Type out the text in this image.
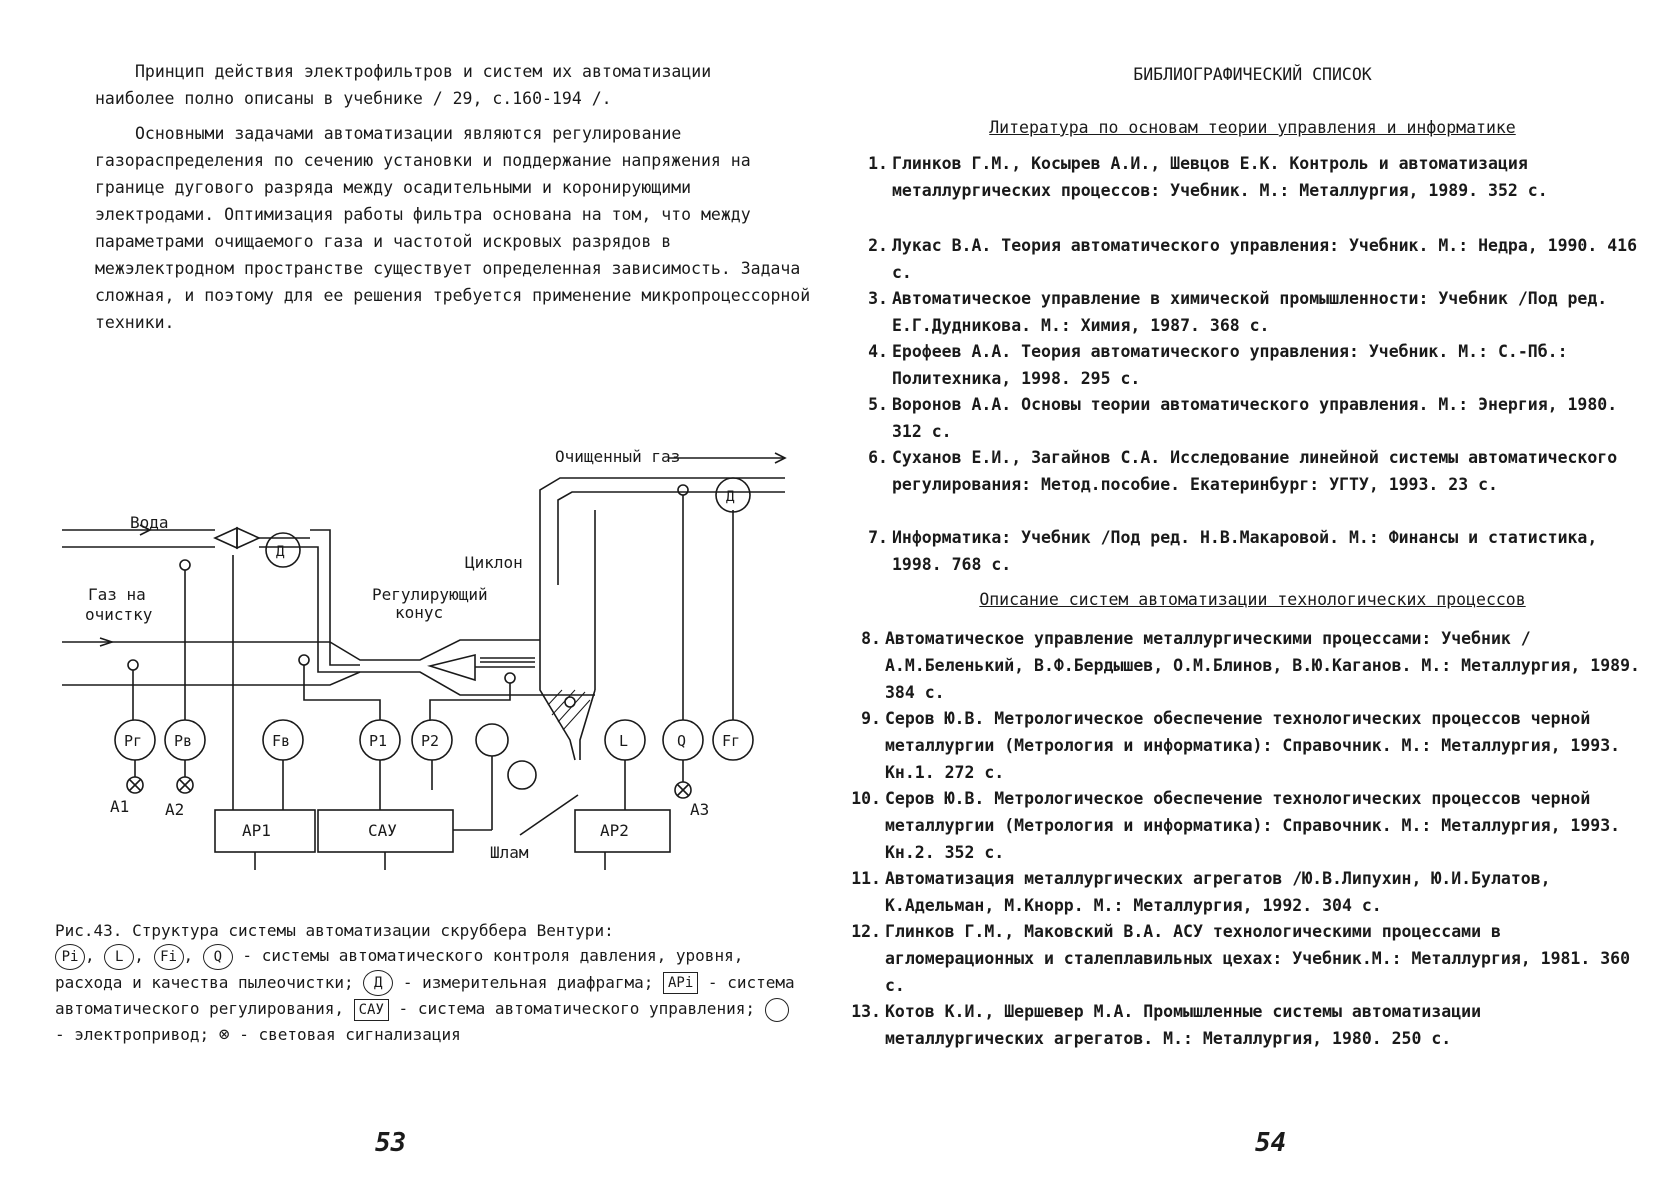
Принцип действия электрофильтров и систем их автоматизации наиболее полно описаны в учебнике / 29, с.160-194 /.
Основными задачами автоматизации являются регулирование газораспределения по сечению установки и поддержание напряжения на границе дугового разряда между осадительными и коронирующими электродами. Оптимизация работы фильтра основана на том, что между параметрами очищаемого газа и частотой искровых разрядов в межэлектродном пространстве существует определенная зависимость. Задача сложная, и поэтому для ее решения требуется применение микропроцессорной техники.
Очищенный газ
Вода
Газ на
очистку
Циклон
Регулирующий
конус
Шлам
Д
Д
Pг Pв	Fв	P1 P2	L	Q Fг
A1 A2	A3
AP1	САУ	AP2
Рис.43. Структура системы автоматизации скруббера Вентури:
Pi , L , Fi , Q - системы автоматического контроля давления, уровня, расхода и качества пылеочистки; Д - измерительная диафрагма; APi - система автоматического регулирования, САУ - система автоматического управления;  - электропривод; ⊗ - световая сигнализация
53
БИБЛИОГРАФИЧЕСКИЙ СПИСОК
Литература по основам теории управления и информатике
1. Глинков Г.М., Косырев А.И., Шевцов Е.К. Контроль и автоматизация металлургических процессов: Учебник. М.: Металлургия, 1989. 352 с.
2. Лукас В.А. Теория автоматического управления: Учебник. М.: Недра, 1990. 416 с.
3. Автоматическое управление в химической промышленности: Учебник /Под ред. Е.Г.Дудникова. М.: Химия, 1987. 368 с.
4. Ерофеев А.А. Теория автоматического управления: Учебник. М.: С.-Пб.: Политехника, 1998. 295 с.
5. Воронов А.А. Основы теории автоматического управления. М.: Энергия, 1980. 312 с.
6. Суханов Е.И., Загайнов С.А. Исследование линейной системы автоматического регулирования: Метод.пособие. Екатеринбург: УГТУ, 1993. 23 с.
7. Информатика: Учебник /Под ред. Н.В.Макаровой. М.: Финансы и статистика, 1998. 768 с.
Описание систем автоматизации технологических процессов
8. Автоматическое управление металлургическими процессами: Учебник /А.М.Беленький, В.Ф.Бердышев, О.М.Блинов, В.Ю.Каганов. М.: Металлургия, 1989. 384 с.
9. Серов Ю.В. Метрологическое обеспечение технологических процессов черной металлургии (Метрология и информатика): Справочник. М.: Металлургия, 1993. Кн.1. 272 с.
10. Серов Ю.В. Метрологическое обеспечение технологических процессов черной металлургии (Метрология и информатика): Справочник. М.: Металлургия, 1993. Кн.2. 352 с.
11. Автоматизация металлургических агрегатов /Ю.В.Липухин, Ю.И.Булатов, К.Адельман, М.Кнорр. М.: Металлургия, 1992. 304 с.
12. Глинков Г.М., Маковский В.А. АСУ технологическими процессами в агломерационных и сталеплавильных цехах: Учебник.М.: Металлургия, 1981. 360 с.
13. Котов К.И., Шершевер М.А. Промышленные системы автоматизации металлургических агрегатов. М.: Металлургия, 1980. 250 с.
54
